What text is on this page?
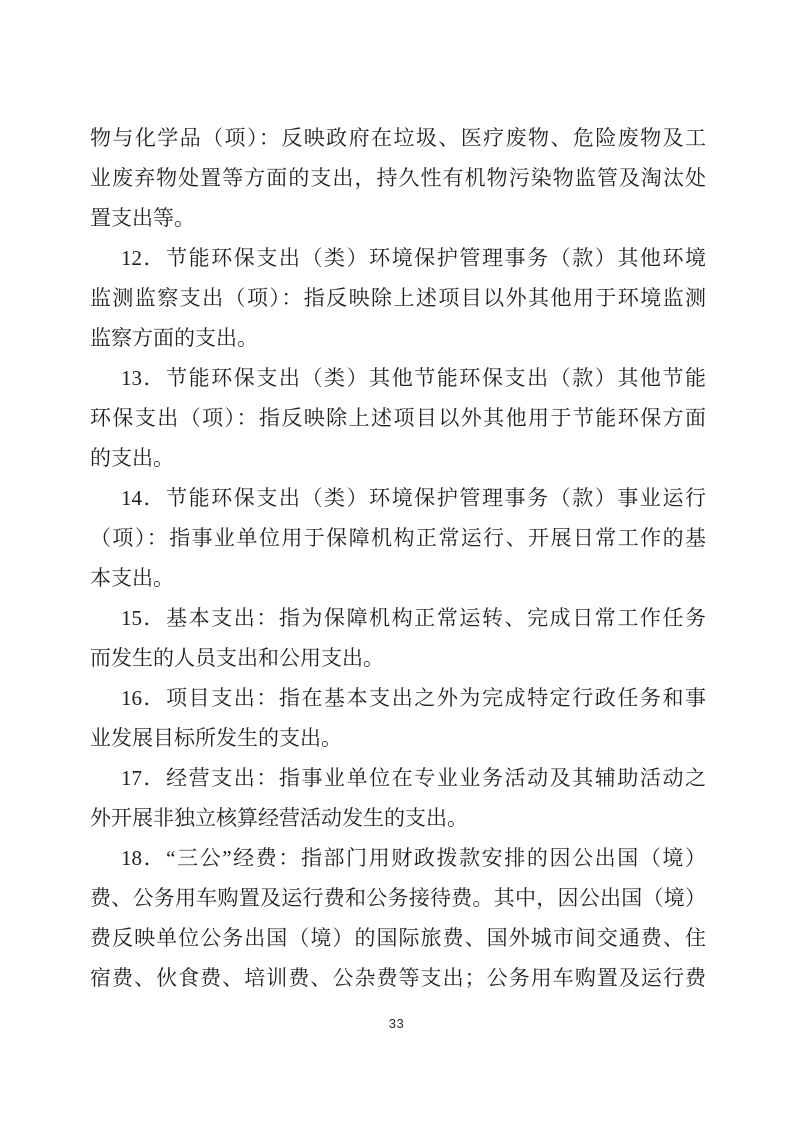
物与化学品（项）：反映政府在垃圾、医疗废物、危险废物及工
业废弃物处置等方面的支出，持久性有机物污染物监管及淘汰处
置支出等。
12．节能环保支出（类）环境保护管理事务（款）其他环境
监测监察支出（项）：指反映除上述项目以外其他用于环境监测
监察方面的支出。
13．节能环保支出（类）其他节能环保支出（款）其他节能
环保支出（项）：指反映除上述项目以外其他用于节能环保方面
的支出。
14．节能环保支出（类）环境保护管理事务（款）事业运行
（项）：指事业单位用于保障机构正常运行、开展日常工作的基
本支出。
15．基本支出：指为保障机构正常运转、完成日常工作任务
而发生的人员支出和公用支出。
16．项目支出：指在基本支出之外为完成特定行政任务和事
业发展目标所发生的支出。
17．经营支出：指事业单位在专业业务活动及其辅助活动之
外开展非独立核算经营活动发生的支出。
18．“三公”经费：指部门用财政拨款安排的因公出国（境）
费、公务用车购置及运行费和公务接待费。其中，因公出国（境）
费反映单位公务出国（境）的国际旅费、国外城市间交通费、住
宿费、伙食费、培训费、公杂费等支出；公务用车购置及运行费
33
